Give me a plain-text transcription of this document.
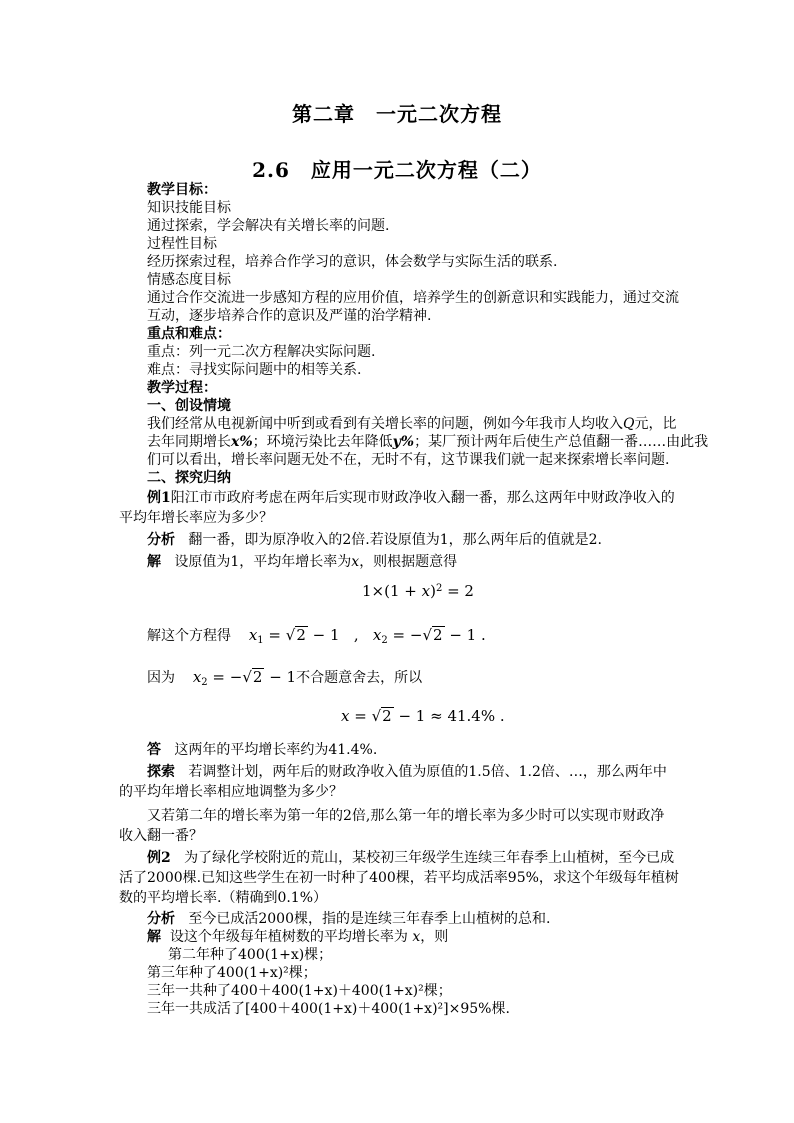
第二章　一元二次方程
2.6　应用一元二次方程（二）
教学目标：
知识技能目标
通过探索，学会解决有关增长率的问题.
过程性目标
经历探索过程，培养合作学习的意识，体会数学与实际生活的联系.
情感态度目标
通过合作交流进一步感知方程的应用价值，培养学生的创新意识和实践能力，通过交流
互动，逐步培养合作的意识及严谨的治学精神.
重点和难点：
重点：列一元二次方程解决实际问题.
难点：寻找实际问题中的相等关系.
教学过程：
一、创设情境
我们经常从电视新闻中听到或看到有关增长率的问题，例如今年我市人均收入Q元，比
去年同期增长x%；环境污染比去年降低y%；某厂预计两年后使生产总值翻一番……由此我
们可以看出，增长率问题无处不在，无时不有，这节课我们就一起来探索增长率问题.
二、探究归纳
例1阳江市市政府考虑在两年后实现市财政净收入翻一番，那么这两年中财政净收入的
平均年增长率应为多少？
分析 翻一番，即为原净收入的2倍.若设原值为1，那么两年后的值就是2.
解 设原值为1，平均年增长率为x，则根据题意得
$1\times(1 + x)^2 = 2$
解这个方程得 $x_1 = √2 - 1$   ,   $x_2 = -√2 - 1$ .
因为 $x_2 = -√2 - 1$不合题意舍去，所以
x = √2 − 1 ≈ 41.4% .
答 这两年的平均增长率约为41.4%.
探索 若调整计划，两年后的财政净收入值为原值的1.5倍、1.2倍、…，那么两年中
的平均年增长率相应地调整为多少？
又若第二年的增长率为第一年的2倍,那么第一年的增长率为多少时可以实现市财政净
收入翻一番？
例2 为了绿化学校附近的荒山，某校初三年级学生连续三年春季上山植树，至今已成
活了2000棵.已知这些学生在初一时种了400棵，若平均成活率95%，求这个年级每年植树
数的平均增长率.（精确到0.1%）
分析 至今已成活2000棵，指的是连续三年春季上山植树的总和.
解 设这个年级每年植树数的平均增长率为 x，则
第二年种了400(1+x)棵；
第三年种了400(1+x)²棵；
三年一共种了400＋400(1+x)＋400(1+x)²棵；
三年一共成活了[400＋400(1+x)＋400(1+x)²]×95%棵.
